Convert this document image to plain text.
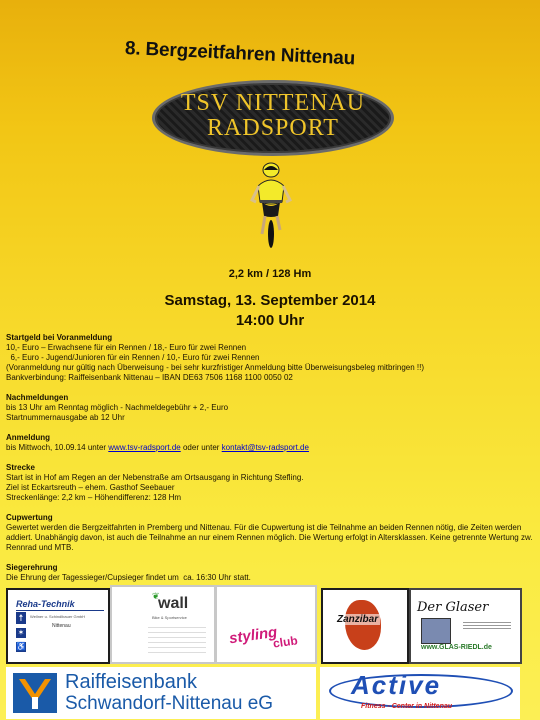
8. Bergzeitfahren Nittenau
TSV NITTENAU
RADSPORT
2,2 km / 128 Hm
Samstag, 13. September 2014
14:00 Uhr
Startgeld bei Voranmeldung
10,- Euro – Erwachsene für ein Rennen / 18,- Euro für zwei Rennen
6,- Euro - Jugend/Junioren für ein Rennen / 10,- Euro für zwei Rennen
(Voranmeldung nur gültig nach Überweisung - bei sehr kurzfristiger Anmeldung bitte Überweisungsbeleg mitbringen !!)
Bankverbindung: Raiffeisenbank Nittenau – IBAN DE63 7506 1168 1100 0050 02
Nachmeldungen
bis 13 Uhr am Renntag möglich - Nachmeldegebühr + 2,- Euro
Startnummernausgabe ab 12 Uhr
Anmeldung
bis Mittwoch, 10.09.14 unter www.tsv-radsport.de oder unter kontakt@tsv-radsport.de
Strecke
Start ist in Hof am Regen an der Nebenstraße am Ortsausgang in Richtung Stefling.
Ziel ist Eckartsreuth – ehem. Gasthof Seebauer
Streckenlänge: 2,2 km – Höhendifferenz: 128 Hm
Cupwertung
Gewertet werden die Bergzeitfahrten in Premberg und Nittenau. Für die Cupwertung ist die Teilnahme an beiden Rennen nötig, die Zeiten werden addiert. Unabhängig davon, ist auch die Teilnahme an nur einem Rennen möglich. Die Wertung erfolgt in Altersklassen. Keine getrennte Wertung zw. Rennrad und MTB.
Siegerehrung
Die Ehrung der Tagessieger/Cupsieger findet um  ca. 16:30 Uhr statt.
Reha-Technik
Wellner u. Schindlbauer GmbH
Nittenau
☨
✶
♿
wall
❦
Bike & Sportservice
styling
club
Zanzibar
Der Glaser
www.GLAS-RIEDL.de
Raiffeisenbank
Schwandorf-Nittenau eG
Active
Fitness - Center in Nittenau
